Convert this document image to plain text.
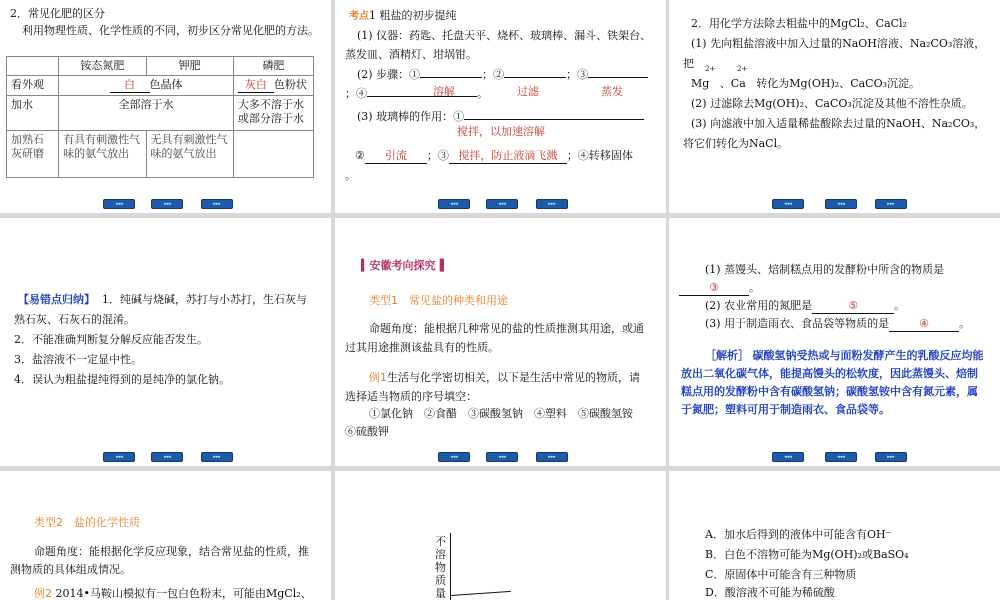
2．常见化肥的区分
利用物理性质、化学性质的不同，初步区分常见化肥的方法。
	铵态氮肥	钾肥	磷肥
看外观	白 色晶体		灰白 色粉状
加水	全部溶于水		大多不溶于水或部分溶于水
加熟石灰研磨	有具有刺激性气味的氨气放出	无具有刺激性气味的氨气放出	
◂◂◂	◂◂◂	▸▸▸
考点1 粗盐的初步提纯
(1) 仪器：药匙、托盘天平、烧杯、玻璃棒、漏斗、铁架台、
蒸发皿、酒精灯、坩埚钳。
(2) 步骤：①	；②	；③
；④	。
溶解	过滤	蒸发
(3) 玻璃棒的作用：①
搅拌，以加速溶解
② 引流 ；③ 搅拌，防止液滴飞溅 ；④转移固体
。
◂◂◂	◂◂◂	▸▸▸
2．用化学方法除去粗盐中的MgCl₂、CaCl₂
(1) 先向粗盐溶液中加入过量的NaOH溶液、Na₂CO₃溶液，
把 2+	2+
Mg 、Ca 转化为Mg(OH)₂、CaCO₃沉淀。
(2) 过滤除去Mg(OH)₂、CaCO₃沉淀及其他不溶性杂质。
(3) 向滤液中加入适量稀盐酸除去过量的NaOH、Na₂CO₃，
将它们转化为NaCl。
◂◂◂	◂◂◂	▸▸▸
【易错点归纳】 1．纯碱与烧碱，苏打与小苏打，生石灰与
熟石灰、石灰石的混淆。
2．不能准确判断复分解反应能否发生。
3．盐溶液不一定显中性。
4．误认为粗盐提纯得到的是纯净的氯化钠。
◂◂◂	◂◂◂	▸▸▸
▍安徽考向探究▐
类型1　常见盐的种类和用途
命题角度：能根据几种常见的盐的性质推测其用途，或通
过其用途推测该盐具有的性质。
例1生活与化学密切相关，以下是生活中常见的物质，请
选择适当物质的序号填空：
①氯化钠　②食醋　③碳酸氢钠　④塑料　⑤碳酸氢铵
⑥硫酸钾
◂◂◂	◂◂◂	▸▸▸
(1) 蒸馒头、焙制糕点用的发酵粉中所含的物质是
③	。
(2) 农业常用的氮肥是	⑤	。
(3) 用于制造雨衣、食品袋等物质的是	④	。
［解析］ 碳酸氢钠受热或与面粉发酵产生的乳酸反应均能
放出二氧化碳气体，能提高馒头的松软度，因此蒸馒头、焙制
糕点用的发酵粉中含有碳酸氢钠；碳酸氢铵中含有氮元素，属
于氮肥；塑料可用于制造雨衣、食品袋等。
◂◂◂	◂◂◂	▸▸▸
类型2　盐的化学性质
命题角度：能根据化学反应现象，结合常见盐的性质，推
测物质的具体组成情况。
例2 2014•马鞍山模拟有一包白色粉末，可能由MgCl₂、
不
溶
物
质
量
A．加水后得到的液体中可能含有OH⁻
B．白色不溶物可能为Mg(OH)₂或BaSO₄
C．原固体中可能含有三种物质
D．酸溶液不可能为稀硫酸
